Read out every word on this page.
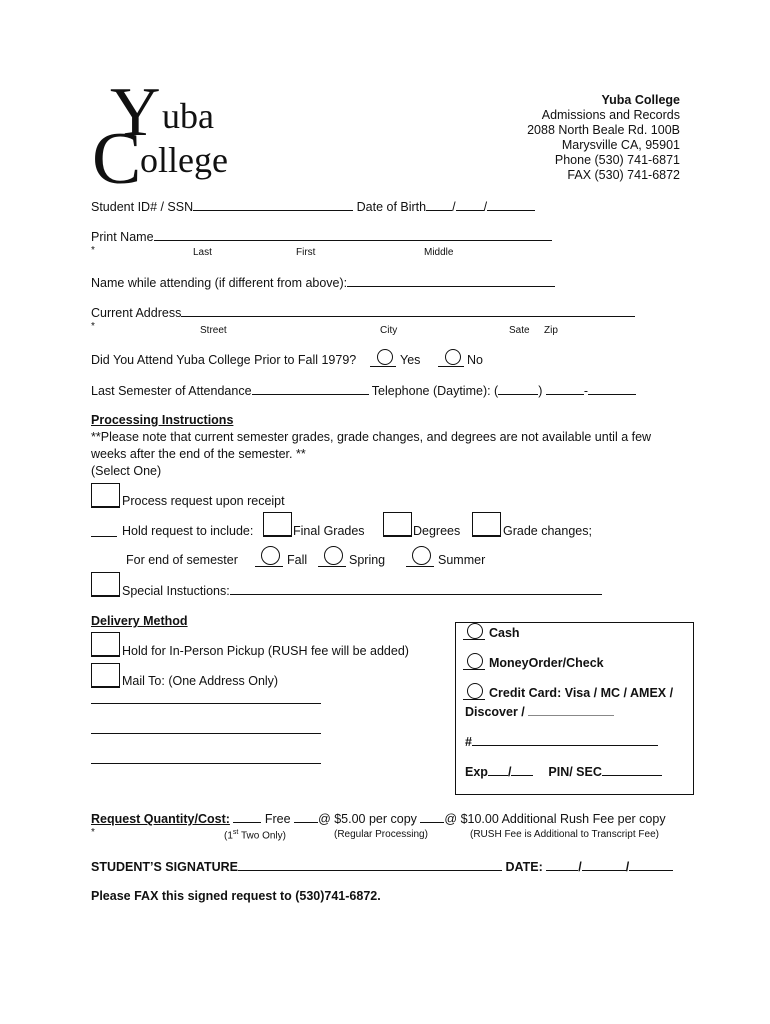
Y uba
C
ollege
Yuba College
Admissions and Records
2088 North Beale Rd. 100B
Marysville CA, 95901
Phone (530) 741-6871
FAX (530) 741-6872
Student ID# / SSN	Date of Birth / /
Print Name
*	Last	First	Middle
Name while attending (if different from above):
Current Address
*	Street	City	Sate Zip
Did You Attend Yuba College Prior to Fall 1979?	Yes	No
Last Semester of Attendance	Telephone (Daytime): (	)	-
Processing Instructions
**Please note that current semester grades, grade changes, and degrees are not available until a few
weeks after the end of the semester. **
(Select One)
Process request upon receipt
Hold request to include:	Final Grades	Degrees	Grade changes;
For end of semester	Fall	Spring	Summer
Special Instuctions:
Delivery Method
Hold for In-Person Pickup (RUSH fee will be added)
Mail To: (One Address Only)
Cash
MoneyOrder/Check
Credit Card: Visa / MC / AMEX /
Discover /
#
Exp /	PIN/ SEC
Request Quantity/Cost:	Free @ $5.00 per copy @ $10.00 Additional Rush Fee per copy
*	(1st Two Only)	(Regular Processing)	(RUSH Fee is Additional to Transcript Fee)
STUDENT’S SIGNATURE	DATE:	/	/
Please FAX this signed request to (530)741-6872.
